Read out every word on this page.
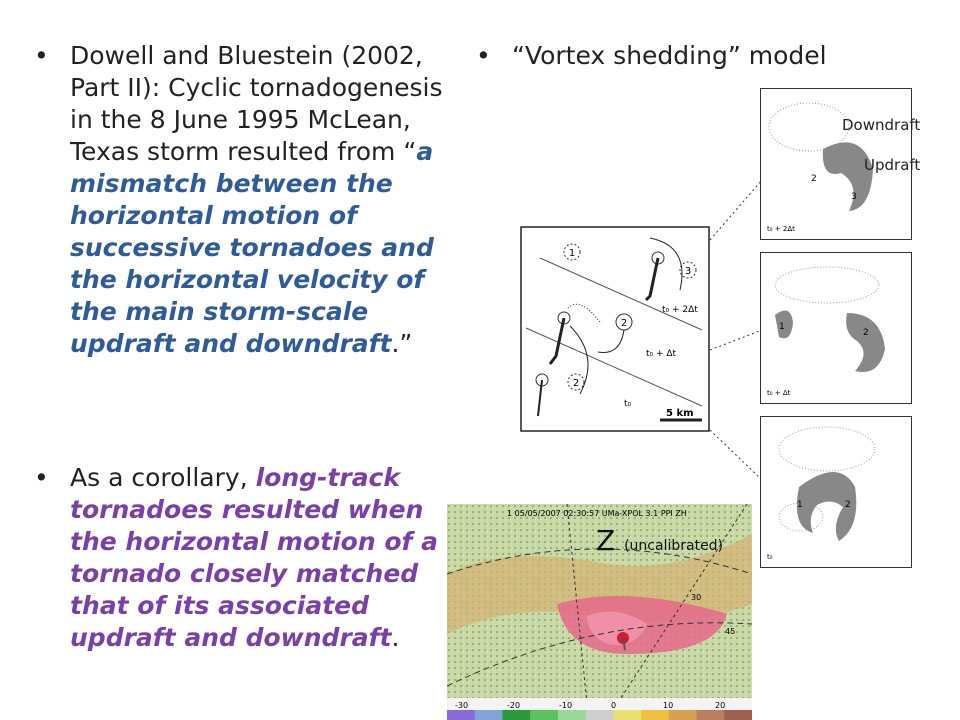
• Dowell and Bluestein (2002, Part II): Cyclic tornadogenesis in the 8 June 1995 McLean, Texas storm resulted from “a mismatch between the horizontal motion of successive tornadoes and the horizontal velocity of the main storm-scale updraft and downdraft.”
• As a corollary, long-track tornadoes resulted when the horizontal motion of a tornado closely matched that of its associated updraft and downdraft.
• “Vortex shedding” model
1
3
2
2
t₀ + 2Δt
t₀ + Δt
t₀
5 km
2
3
t₀ + 2Δt
1
2
t₀ + Δt
1	2
t₀
Downdraft
Updraft
1 05/05/2007 02:30:57 UMa-XPOL 3.1 PPI ZH
30
45
-30	-20	-10	0	10	20
Z (uncalibrated)
